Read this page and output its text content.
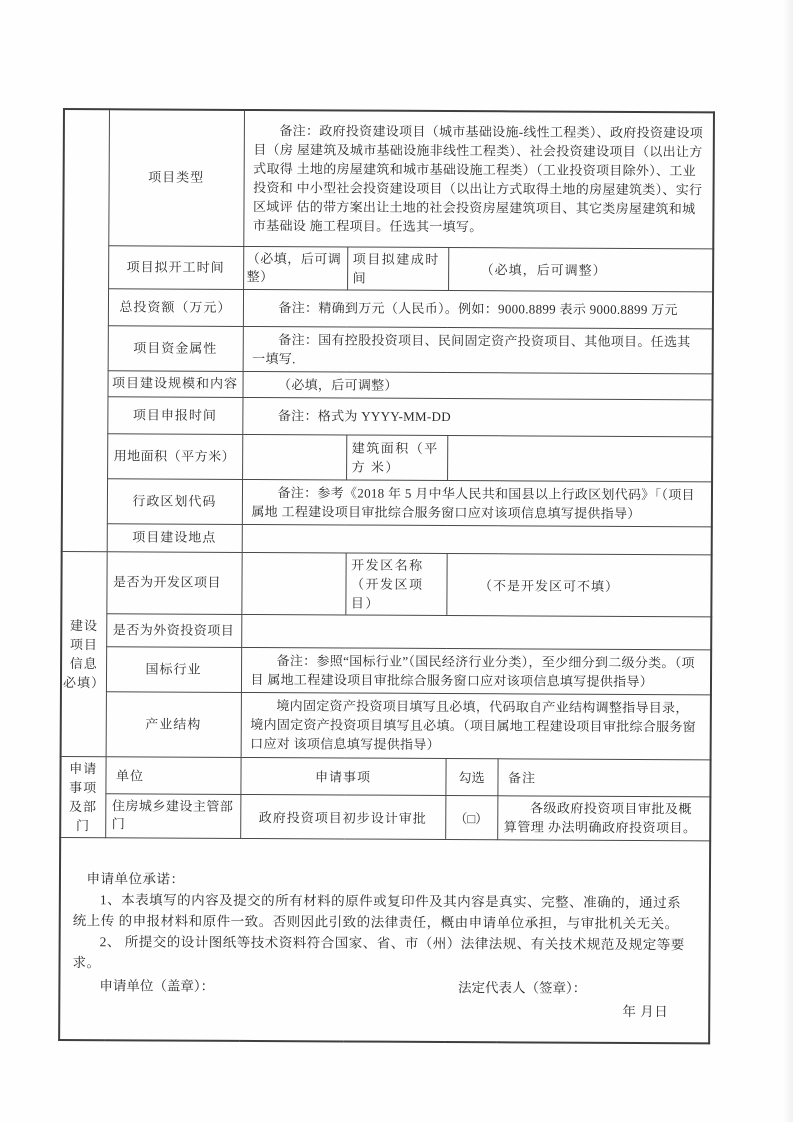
	项目类型	备注：政府投资建设项目（城市基础设施-线性工程类）、政府投资建设项目（房 屋建筑及城市基础设施非线性工程类）、社会投资建设项目（以出让方式取得 土地的房屋建筑和城市基础设施工程类）（工业投资项目除外）、工业投资和 中小型社会投资建设项目（以出让方式取得土地的房屋建筑类）、实行区域评 估的带方案出让土地的社会投资房屋建筑项目、其它类房屋建筑和城市基础设 施工程项目。任选其一填写。			
	项目拟开工时间	（必填，后可调整）	项目拟建成时间	（必填，后可调整）	
	总投资额（万元）	备注：精确到万元（人民币）。例如：9000.8899 表示 9000.8899 万元			
	项目资金属性	备注：国有控股投资项目、民间固定资产投资项目、其他项目。任选其一填写.			
	项目建设规模和内容	（必填，后可调整）			
	项目申报时间	备注：格式为 YYYY-MM-DD			
	用地面积（平方米）		建筑面积（平方 米）		
	行政区划代码	备注：参考《2018 年 5 月中华人民共和国县以上行政区划代码》「（项目属地 工程建设项目审批综合服务窗口应对该项信息填写提供指导）			
	项目建设地点				
建设项目信息必填）	是否为开发区项目		开发区名称（开发区项目）	（不是开发区可不填）	
	是否为外资投资项目				
	国标行业	备注：参照“国标行业”（国民经济行业分类），至少细分到二级分类。（项目 属地工程建设项目审批综合服务窗口应对该项信息填写提供指导）			
	产业结构	境内固定资产投资项目填写且必填，代码取自产业结构调整指导目录，境内固定资产投资项目填写且必填。（项目属地工程建设项目审批综合服务窗口应对 该项信息填写提供指导）			
申请事项及部门	单位	申请事项		勾选	备注
	住房城乡建设主管部门	政府投资项目初步设计审批		（□）	各级政府投资项目审批及概算管理 办法明确政府投资项目。

申请单位承诺：

1、本表填写的内容及提交的所有材料的原件或复印件及其内容是真实、完整、准确的，通过系统上传 的申报材料和原件一致。否则因此引致的法律责任，概由申请单位承担，与审批机关无关。

2、 所提交的设计图纸等技术资料符合国家、省、市（州）法律法规、有关技术规范及规定等要求。

申请单位（盖章）：	法定代表人（签章）：

年 月日
